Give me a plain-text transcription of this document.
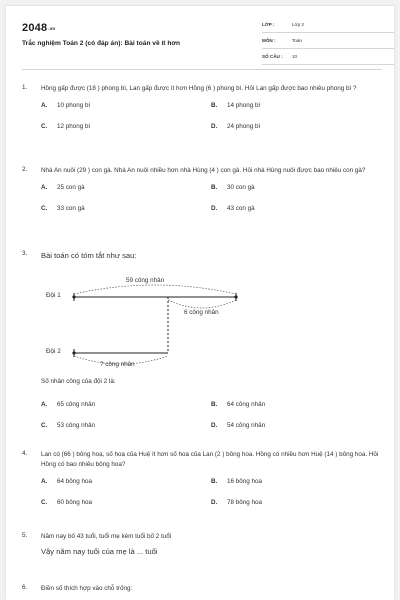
$2048^{.vn}$
Trắc nghiệm Toán 2 (có đáp án): Bài toán về ít hơn
LỚP :	Lớp 2
MÔN :	Toán
SỐ CÂU : 10
1. Hồng gấp được (18 ) phong bì, Lan gấp được ít hơn Hồng (6 ) phong bì. Hỏi Lan gấp được bao nhiêu phong bì ?
A. 10 phong bì	B. 14 phong bì
C. 12 phong bì	D. 24 phong bì
2. Nhà An nuôi (29 ) con gà. Nhà An nuôi nhiều hơn nhà Hùng (4 ) con gà. Hỏi nhà Hùng nuôi được bao nhiêu con gà?
A. 25 con gà	B. 30 con gà
C. 33 con gà	D. 43 con gà
3. Bài toán có tóm tắt như sau:
Đội 1
Đội 2
59 công nhân
6 công nhân
? công nhân
Số nhân công của đội 2 là:
A. 65 công nhân	B. 64 công nhân
C. 53 công nhân	D. 54 công nhân
4. Lan có (66 ) bông hoa, số hoa của Huệ ít hơn số hoa của Lan (2 ) bông hoa. Hồng có nhiều hơn Huệ (14 ) bông hoa. Hỏi Hồng có bao nhiêu bông hoa?
A. 64 bông hoa	B. 16 bông hoa
C. 60 bông hoa	D. 78 bông hoa
5. Năm nay bố 43 tuổi, tuổi mẹ kém tuổi bố 2 tuổi
Vậy năm nay tuổi của mẹ là ... tuổi
6. Điền số thích hợp vào chỗ trống:
